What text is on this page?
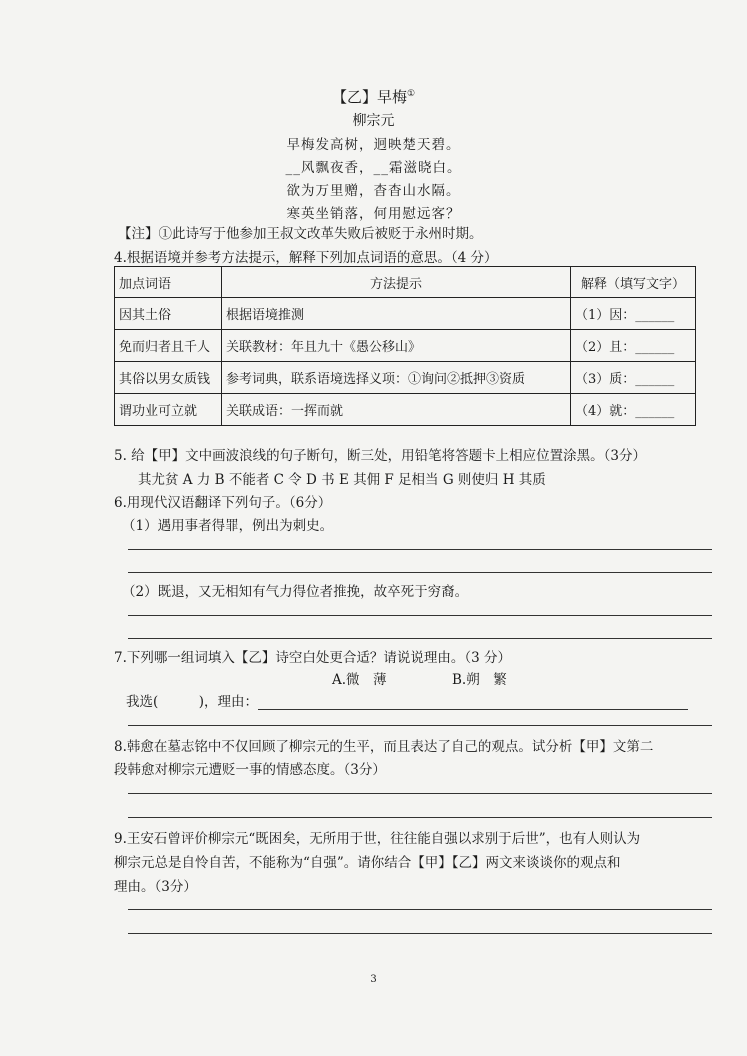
【乙】早梅①
柳宗元
早梅发高树，迥映楚天碧。
__风飘夜香，__霜滋晓白。
欲为万里赠，杳杳山水隔。
寒英坐销落，何用慰远客？
【注】①此诗写于他参加王叔文改革失败后被贬于永州时期。
4.根据语境并参考方法提示，解释下列加点词语的意思。（4 分）
加点词语	方法提示	解释（填写文字）
因其土俗	根据语境推测	（1）因：______
免而归者且千人	关联教材：年且九十《愚公移山》	（2）且：______
其俗以男女质钱	参考词典，联系语境选择义项：①询问②抵押③资质	（3）质：______
谓功业可立就	关联成语：一挥而就	（4）就：______
5. 给【甲】文中画波浪线的句子断句，断三处，用铅笔将答题卡上相应位置涂黑。（3分）
其尤贫 A 力 B 不能者 C 令 D 书 E 其佣 F 足相当 G 则使归 H 其质
6.用现代汉语翻译下列句子。（6分）
（1）遇用事者得罪，例出为刺史。
（2）既退，又无相知有气力得位者推挽，故卒死于穷裔。
7.下列哪一组词填入【乙】诗空白处更合适？请说说理由。（3 分）
A.微　薄	B.朔　繁
我选(　　　)，理由：
8.韩愈在墓志铭中不仅回顾了柳宗元的生平，而且表达了自己的观点。试分析【甲】文第二
段韩愈对柳宗元遭贬一事的情感态度。（3分）
9.王安石曾评价柳宗元“既困矣，无所用于世，往往能自强以求别于后世”，也有人则认为
柳宗元总是自怜自苦，不能称为“自强”。请你结合【甲】【乙】两文来谈谈你的观点和
理由。（3分）
3
